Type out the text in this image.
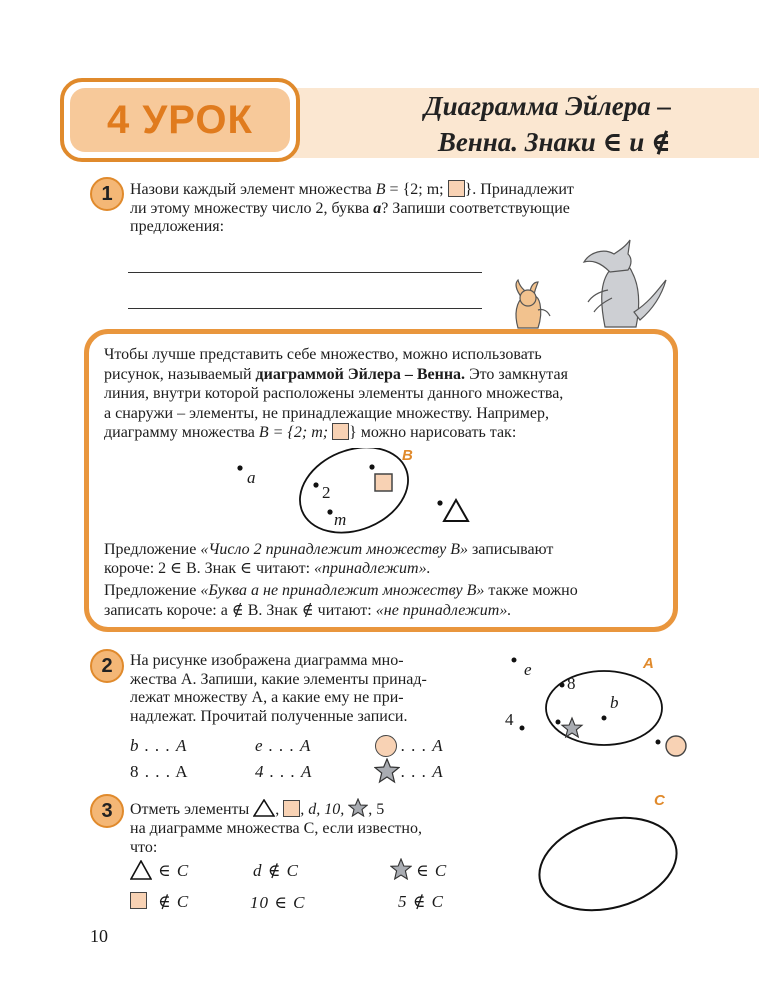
4 УРОК	Диаграмма Эйлера –
Венна. Знаки ∈ и ∉
1	Назови каждый элемент множества B = {2; m; }. Принадлежит
ли этому множеству число 2, буква a? Запиши соответствующие
предложения:
Чтобы лучше представить себе множество, можно использовать
рисунок, называемый диаграммой Эйлера – Венна. Это замкнутая
линия, внутри которой расположены элементы данного множества,
а снаружи – элементы, не принадлежащие множеству. Например,
диаграмму множества B = {2; m; } можно нарисовать так:
a
2
m
B
Предложение «Число 2 принадлежит множеству B» записывают
короче: 2 ∈ B. Знак ∈ читают: «принадлежит».
Предложение «Буква a не принадлежит множеству B» также можно
записать короче: a ∉ B. Знак ∉ читают: «не принадлежит».
2	На рисунке изображена диаграмма мно-
жества A. Запиши, какие элементы принад-
лежат множеству A, а какие ему не при-
надлежат. Прочитай полученные записи.
b . . . A	e . . . A	. . . A
8 . . . A	4 . . . A	. . . A
e
8
b
4
A
3	Отметь элементы , , d, 10, , 5
на диаграмме множества C, если известно,
что:
∈ C	d ∉ C	∈ C
∉ C	10 ∈ C	5 ∉ C
C
10
